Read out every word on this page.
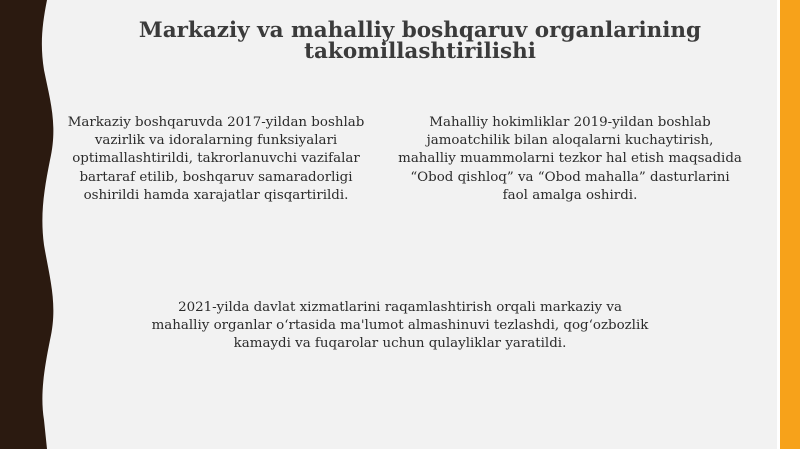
Markaziy va mahalliy boshqaruv organlarining takomillashtirilishi

Markaziy boshqaruvda 2017-yildan boshlab vazirlik va idoralarning funksiyalari optimallashtirildi, takrorlanuvchi vazifalar bartaraf etilib, boshqaruv samaradorligi oshirildi hamda xarajatlar qisqartirildi.

Mahalliy hokimliklar 2019-yildan boshlab jamoatchilik bilan aloqalarni kuchaytirish, mahalliy muammolarni tezkor hal etish maqsadida “Obod qishloq” va “Obod mahalla” dasturlarini faol amalga oshirdi.

2021-yilda davlat xizmatlarini raqamlashtirish orqali markaziy va mahalliy organlar o‘rtasida ma'lumot almashinuvi tezlashdi, qog‘ozbozlik kamaydi va fuqarolar uchun qulayliklar yaratildi.
